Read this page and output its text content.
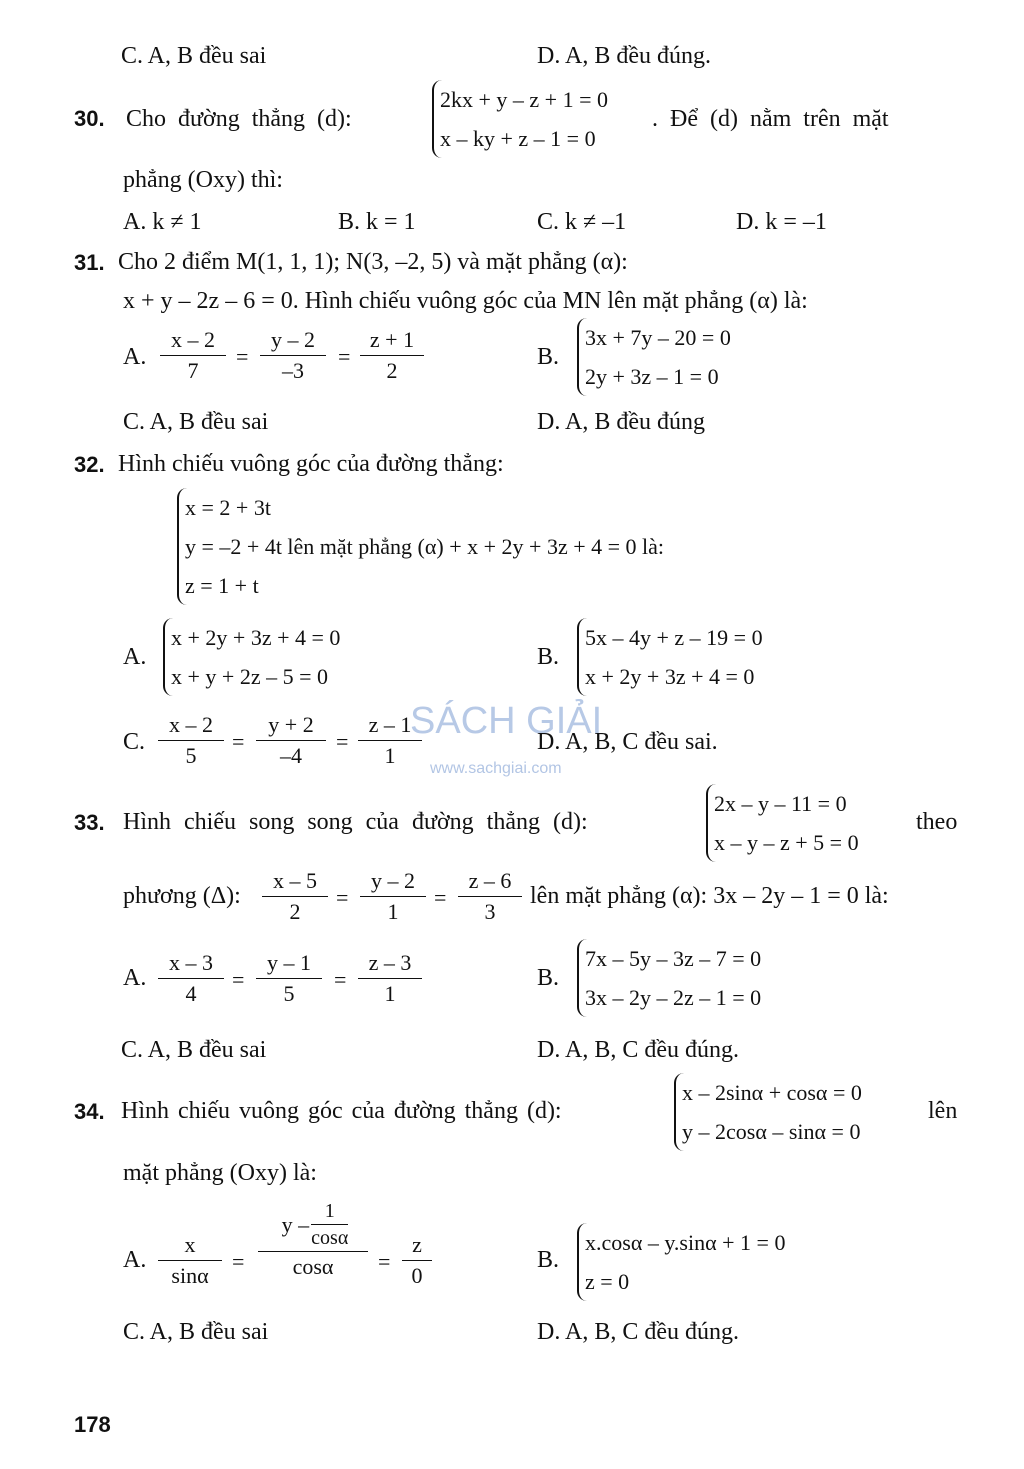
SÁCH GIẢI
www.sachgiai.com
C. A, B đều sai	D. A, B đều đúng.
30. Cho đường thẳng (d):
2kx + y – z + 1 = 0
x – ky + z – 1 = 0
. Để (d) nằm trên mặt
phẳng (Oxy) thì:
A. k ≠ 1	B. k = 1	C. k ≠ –1	D. k = –1
31. Cho 2 điểm M(1, 1, 1); N(3, –2, 5) và mặt phẳng (α):
x + y – 2z – 6 = 0. Hình chiếu vuông góc của MN lên mặt phẳng (α) là:
A.
x – 2
7
=
y – 2
–3
=
z + 1
2
B.
3x + 7y – 20 = 0
2y + 3z – 1 = 0
C. A, B đều sai	D. A, B đều đúng
32. Hình chiếu vuông góc của đường thẳng:
x = 2 + 3t
y = –2 + 4t lên mặt phẳng (α) + x + 2y + 3z + 4 = 0 là:
z = 1 + t
A.
x + 2y + 3z + 4 = 0
x + y + 2z – 5 = 0
B.
5x – 4y + z – 19 = 0
x + 2y + 3z + 4 = 0
C.
x – 2
5
=
y + 2
–4
=
z – 1
1
D. A, B, C đều sai.
33. Hình chiếu song song của đường thẳng (d):
2x – y – 11 = 0
x – y – z + 5 = 0
theo
phương (Δ):
x – 5
2
=
y – 2
1
=
z – 6
3
lên mặt phẳng (α): 3x – 2y – 1 = 0 là:
A.
x – 3
4
=
y – 1
5
=
z – 3
1
B.
7x – 5y – 3z – 7 = 0
3x – 2y – 2z – 1 = 0
C. A, B đều sai	D. A, B, C đều đúng.
34. Hình chiếu vuông góc của đường thẳng (d):
x – 2sinα + cosα = 0
y – 2cosα – sinα = 0
lên
mặt phẳng (Oxy) là:
A.
x
sinα
=
y –
1
cosα
cosα =
z
0
B.
x.cosα – y.sinα + 1 = 0
z = 0
C. A, B đều sai	D. A, B, C đều đúng.
178
